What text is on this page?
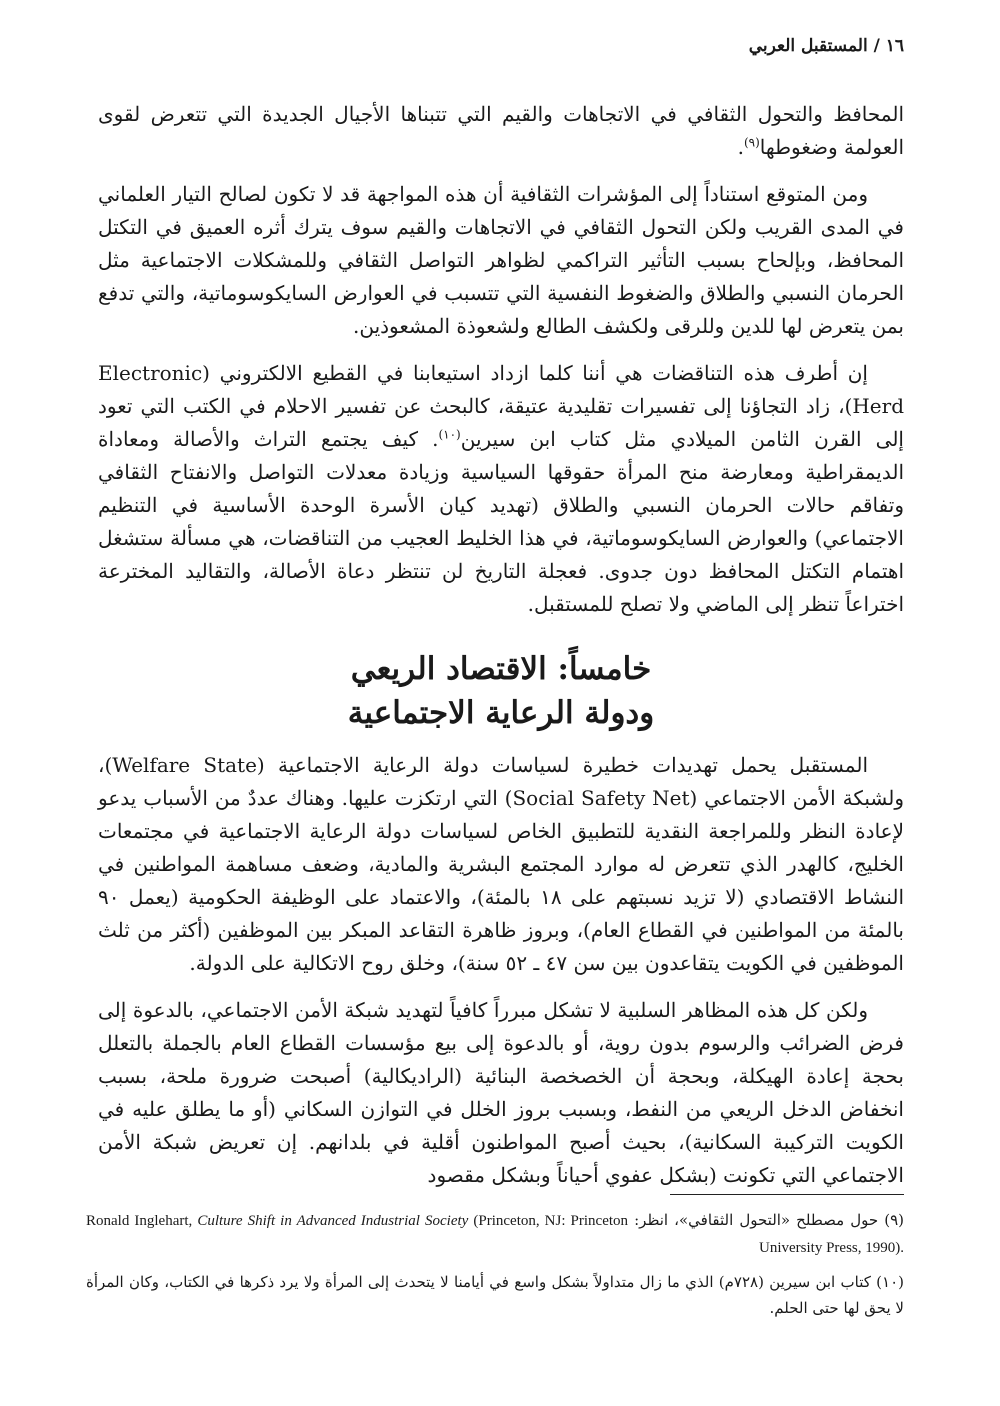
١٦ / المستقبل العربي

المحافظ والتحول الثقافي في الاتجاهات والقيم التي تتبناها الأجيال الجديدة التي تتعرض لقوى العولمة وضغوطها$^{(٩)}$.

ومن المتوقع استناداً إلى المؤشرات الثقافية أن هذه المواجهة قد لا تكون لصالح التيار العلماني في المدى القريب ولكن التحول الثقافي في الاتجاهات والقيم سوف يترك أثره العميق في التكتل المحافظ، وبإلحاح بسبب التأثير التراكمي لظواهر التواصل الثقافي وللمشكلات الاجتماعية مثل الحرمان النسبي والطلاق والضغوط النفسية التي تتسبب في العوارض السايكوسوماتية، والتي تدفع بمن يتعرض لها للدين وللرقى ولكشف الطالع ولشعوذة المشعوذين.

إن أطرف هذه التناقضات هي أننا كلما ازداد استيعابنا في القطيع الالكتروني (Electronic Herd)، زاد التجاؤنا إلى تفسيرات تقليدية عتيقة، كالبحث عن تفسير الاحلام في الكتب التي تعود إلى القرن الثامن الميلادي مثل كتاب ابن سيرين$^{(١٠)}$. كيف يجتمع التراث والأصالة ومعاداة الديمقراطية ومعارضة منح المرأة حقوقها السياسية وزيادة معدلات التواصل والانفتاح الثقافي وتفاقم حالات الحرمان النسبي والطلاق (تهديد كيان الأسرة الوحدة الأساسية في التنظيم الاجتماعي) والعوارض السايكوسوماتية، في هذا الخليط العجيب من التناقضات، هي مسألة ستشغل اهتمام التكتل المحافظ دون جدوى. فعجلة التاريخ لن تنتظر دعاة الأصالة، والتقاليد المخترعة اختراعاً تنظر إلى الماضي ولا تصلح للمستقبل.

خامساً: الاقتصاد الريعي
ودولة الرعاية الاجتماعية

المستقبل يحمل تهديدات خطيرة لسياسات دولة الرعاية الاجتماعية (Welfare State)، ولشبكة الأمن الاجتماعي (Social Safety Net) التي ارتكزت عليها. وهناك عددٌ من الأسباب يدعو لإعادة النظر وللمراجعة النقدية للتطبيق الخاص لسياسات دولة الرعاية الاجتماعية في مجتمعات الخليج، كالهدر الذي تتعرض له موارد المجتمع البشرية والمادية، وضعف مساهمة المواطنين في النشاط الاقتصادي (لا تزيد نسبتهم على ١٨ بالمئة)، والاعتماد على الوظيفة الحكومية (يعمل ٩٠ بالمئة من المواطنين في القطاع العام)، وبروز ظاهرة التقاعد المبكر بين الموظفين (أكثر من ثلث الموظفين في الكويت يتقاعدون بين سن ٤٧ ـ ٥٢ سنة)، وخلق روح الاتكالية على الدولة.

ولكن كل هذه المظاهر السلبية لا تشكل مبرراً كافياً لتهديد شبكة الأمن الاجتماعي، بالدعوة إلى فرض الضرائب والرسوم بدون روية، أو بالدعوة إلى بيع مؤسسات القطاع العام بالجملة بالتعلل بحجة إعادة الهيكلة، وبحجة أن الخصخصة البنائية (الراديكالية) أصبحت ضرورة ملحة، بسبب انخفاض الدخل الريعي من النفط، وبسبب بروز الخلل في التوازن السكاني (أو ما يطلق عليه في الكويت التركيبة السكانية)، بحيث أصبح المواطنون أقلية في بلدانهم. إن تعريض شبكة الأمن الاجتماعي التي تكونت (بشكل عفوي أحياناً وبشكل مقصود

(٩) حول مصطلح «التحول الثقافي»، انظر: Ronald Inglehart, Culture Shift in Advanced Industrial Society (Princeton, NJ: Princeton University Press, 1990).

(١٠) كتاب ابن سيرين (٧٢٨م) الذي ما زال متداولاً بشكل واسع في أيامنا لا يتحدث إلى المرأة ولا يرد ذكرها في الكتاب، وكان المرأة لا يحق لها حتى الحلم.
